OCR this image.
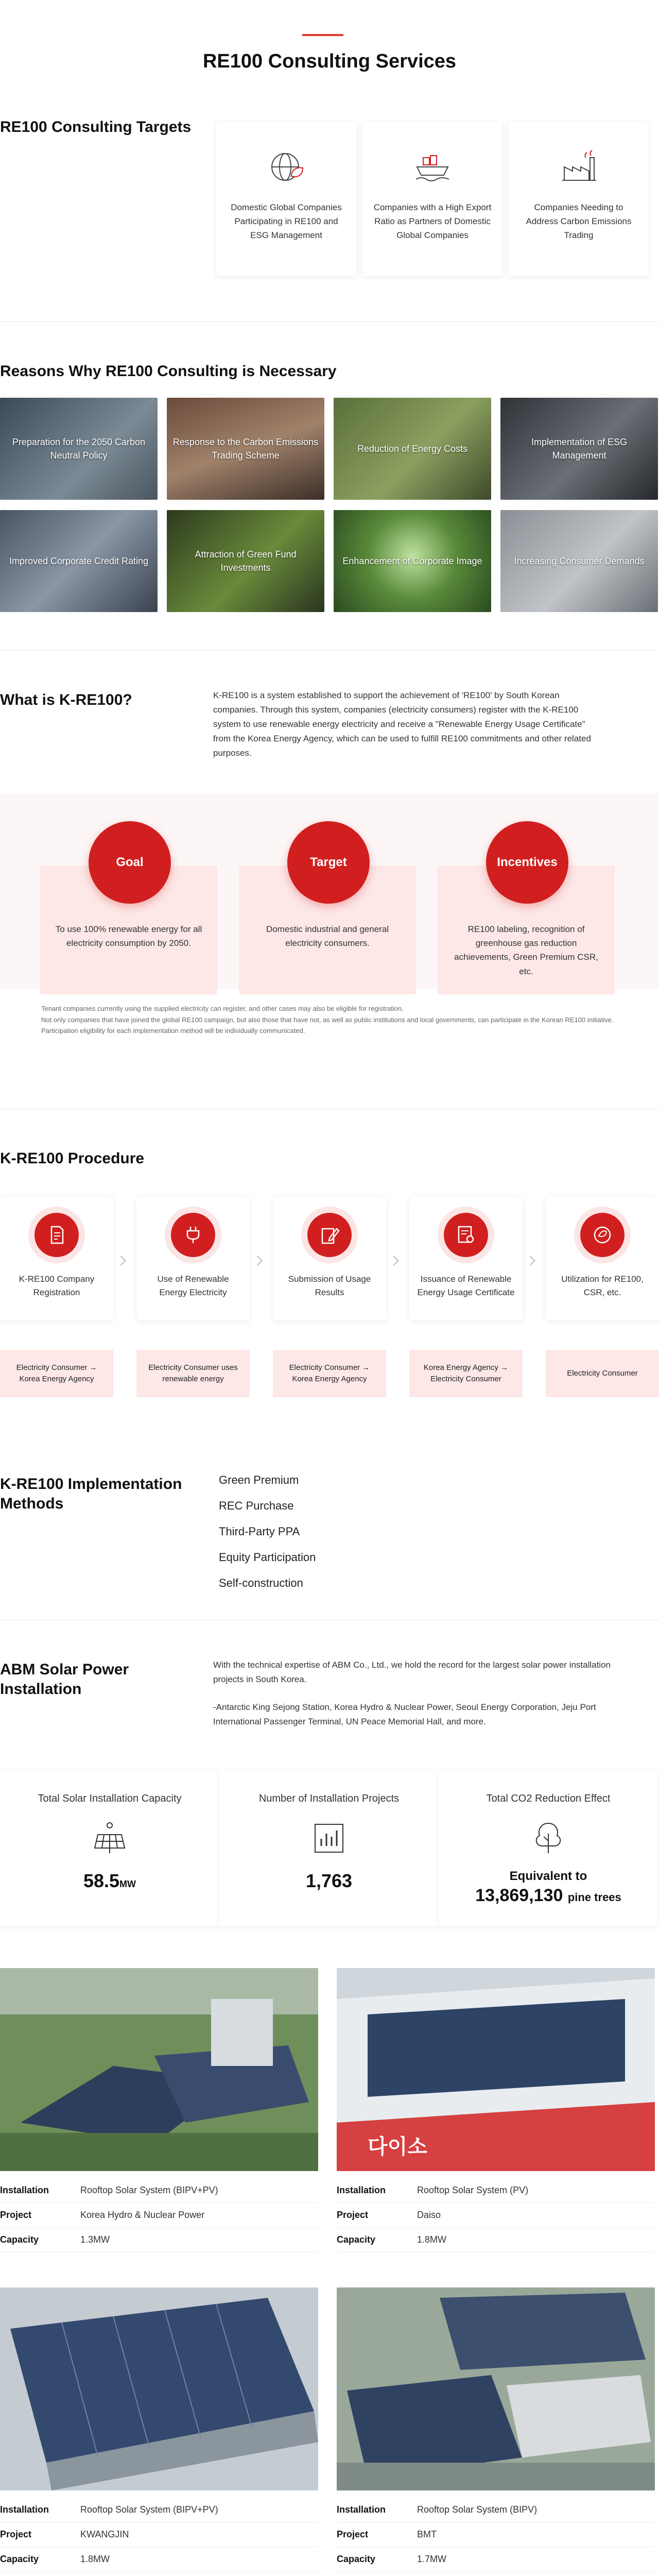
RE100 Consulting Services
RE100 Consulting Targets

Domestic Global Companies Participating in RE100 and ESG Management

Companies with a High Export Ratio as Partners of Domestic Global Companies

Companies Needing to Address Carbon Emissions Trading

Reasons Why RE100 Consulting is Necessary
Preparation for the 2050 Carbon Neutral Policy
Response to the Carbon Emissions Trading Scheme
Reduction of Energy Costs
Implementation of ESG Management
Improved Corporate Credit Rating
Attraction of Green Fund Investments
Enhancement of Corporate Image	Increasing Consumer Demands
What is K-RE100?	K-RE100 is a system established to support the achievement of 'RE100' by South Korean companies. Through this system, companies (electricity consumers) register with the K-RE100 system to use renewable energy electricity and receive a "Renewable Energy Usage Certificate" from the Korea Energy Agency, which can be used to fulfill RE100 commitments and other related purposes.

To use 100% renewable energy for all electricity consumption by 2050.

Goal

Domestic industrial and general electricity consumers.

Target

RE100 labeling, recognition of greenhouse gas reduction achievements, Green Premium CSR, etc.

Incentives

Tenant companies currently using the supplied electricity can register, and other cases may also be eligible for registration.

Not only companies that have joined the global RE100 campaign, but also those that have not, as well as public institutions and local governments, can participate in the Korean RE100 initiative. Participation eligibility for each implementation method will be individually communicated.

K-RE100 Procedure

K-RE100 Company Registration

Use of Renewable Energy Electricity

Submission of Usage Results

Issuance of Renewable Energy Usage Certificate

Utilization for RE100, CSR, etc.

Electricity Consumer → Korea Energy Agency
Electricity Consumer uses renewable energy
Electricity Consumer → Korea Energy Agency
Korea Energy Agency → Electricity Consumer
Electricity Consumer
K-RE100 Implementation Methods
Green Premium
REC Purchase
Third-Party PPA
Equity Participation
Self-construction
ABM Solar Power Installation

With the technical expertise of ABM Co., Ltd., we hold the record for the largest solar power installation projects in South Korea.

-Antarctic King Sejong Station, Korea Hydro & Nuclear Power, Seoul Energy Corporation, Jeju Port International Passenger Terminal, UN Peace Memorial Hall, and more.

Total Solar Installation Capacity
58.5MW
Number of Installation Projects
1,763
Total CO2 Reduction Effect
Equivalent to
13,869,130 pine trees
다이소
Installation	Rooftop Solar System (BIPV+PV)
Project	Korea Hydro & Nuclear Power
Capacity	1.3MW
Installation	Rooftop Solar System (PV)
Project	Daiso
Capacity	1.8MW
Installation	Rooftop Solar System (BIPV+PV)
Project	KWANGJIN
Capacity	1.8MW
Installation	Rooftop Solar System (BIPV)
Project	BMT
Capacity	1.7MW
